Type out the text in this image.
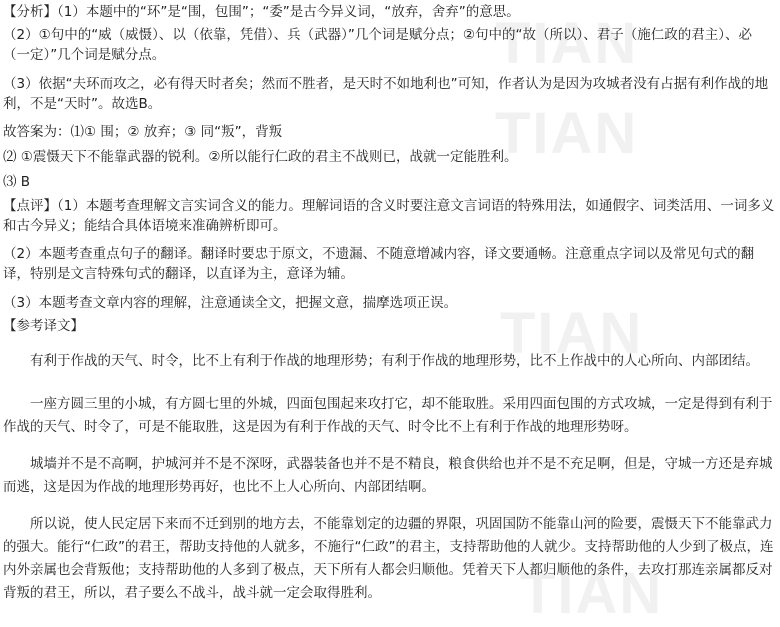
TIAN
TIAN
TIAN
TIAN
【分析】（1）本题中的“环”是“围，包围”；“委”是古今异义词，“放弃，舍弃”的意思。
（2）①句中的“威（威慑）、以（依靠，凭借）、兵（武器）”几个词是赋分点；②句中的“故（所以）、君子（施仁政的君主）、必（一定）”几个词是赋分点。
（3）依据“夫环而攻之，必有得天时者矣；然而不胜者，是天时不如地利也”可知，作者认为是因为攻城者没有占据有利作战的地利，不是“天时”。故选B。
故答案为：⑴① 围；② 放弃；③ 同“叛”，背叛
⑵ ①震慑天下不能靠武器的锐利。②所以能行仁政的君主不战则已，战就一定能胜利。
⑶ B
【点评】（1）本题考查理解文言实词含义的能力。理解词语的含义时要注意文言词语的特殊用法，如通假字、词类活用、一词多义和古今异义；能结合具体语境来准确辨析即可。
（2）本题考查重点句子的翻译。翻译时要忠于原文，不遗漏、不随意增减内容，译文要通畅。注意重点字词以及常见句式的翻译，特别是文言特殊句式的翻译，以直译为主，意译为辅。
（3）本题考查文章内容的理解，注意通读全文，把握文意，揣摩选项正误。
【参考译文】
有利于作战的天气、时令，比不上有利于作战的地理形势；有利于作战的地理形势，比不上作战中的人心所向、内部团结。
一座方圆三里的小城，有方圆七里的外城，四面包围起来攻打它，却不能取胜。采用四面包围的方式攻城，一定是得到有利于作战的天气、时令了，可是不能取胜，这是因为有利于作战的天气、时令比不上有利于作战的地理形势呀。
城墙并不是不高啊，护城河并不是不深呀，武器装备也并不是不精良，粮食供给也并不是不充足啊，但是，守城一方还是弃城而逃，这是因为作战的地理形势再好，也比不上人心所向、内部团结啊。
所以说，使人民定居下来而不迁到别的地方去，不能靠划定的边疆的界限，巩固国防不能靠山河的险要，震慑天下不能靠武力的强大。能行“仁政”的君王，帮助支持他的人就多，不施行“仁政”的君主，支持帮助他的人就少。支持帮助他的人少到了极点，连内外亲属也会背叛他；支持帮助他的人多到了极点，天下所有人都会归顺他。凭着天下人都归顺他的条件，去攻打那连亲属都反对背叛的君王，所以，君子要么不战斗，战斗就一定会取得胜利。
